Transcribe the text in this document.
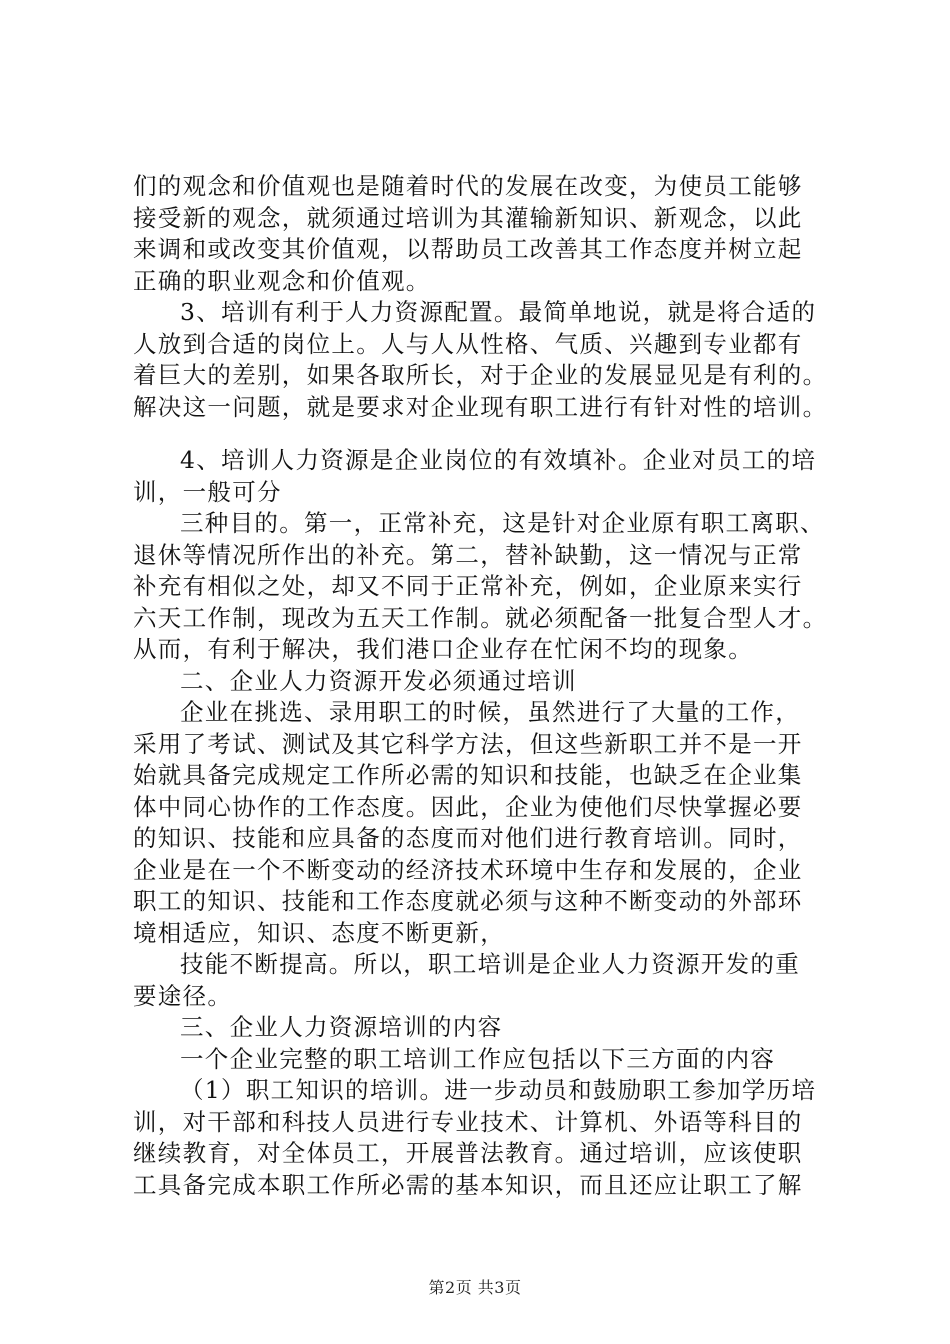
们的观念和价值观也是随着时代的发展在改变，为使员工能够
接受新的观念，就须通过培训为其灌输新知识、新观念，以此
来调和或改变其价值观，以帮助员工改善其工作态度并树立起
正确的职业观念和价值观。
3、培训有利于人力资源配置。最简单地说，就是将合适的
人放到合适的岗位上。人与人从性格、气质、兴趣到专业都有
着巨大的差别，如果各取所长，对于企业的发展显见是有利的。
解决这一问题，就是要求对企业现有职工进行有针对性的培训。
4、培训人力资源是企业岗位的有效填补。企业对员工的培
训，一般可分
三种目的。第一，正常补充，这是针对企业原有职工离职、
退休等情况所作出的补充。第二，替补缺勤，这一情况与正常
补充有相似之处，却又不同于正常补充，例如，企业原来实行
六天工作制，现改为五天工作制。就必须配备一批复合型人才。
从而，有利于解决，我们港口企业存在忙闲不均的现象。
二、企业人力资源开发必须通过培训
企业在挑选、录用职工的时候，虽然进行了大量的工作，
采用了考试、测试及其它科学方法，但这些新职工并不是一开
始就具备完成规定工作所必需的知识和技能，也缺乏在企业集
体中同心协作的工作态度。因此，企业为使他们尽快掌握必要
的知识、技能和应具备的态度而对他们进行教育培训。同时，
企业是在一个不断变动的经济技术环境中生存和发展的，企业
职工的知识、技能和工作态度就必须与这种不断变动的外部环
境相适应，知识、态度不断更新，
技能不断提高。所以，职工培训是企业人力资源开发的重
要途径。
三、企业人力资源培训的内容
一个企业完整的职工培训工作应包括以下三方面的内容
（1）职工知识的培训。进一步动员和鼓励职工参加学历培
训，对干部和科技人员进行专业技术、计算机、外语等科目的
继续教育，对全体员工，开展普法教育。通过培训，应该使职
工具备完成本职工作所必需的基本知识，而且还应让职工了解
第2页 共3页
